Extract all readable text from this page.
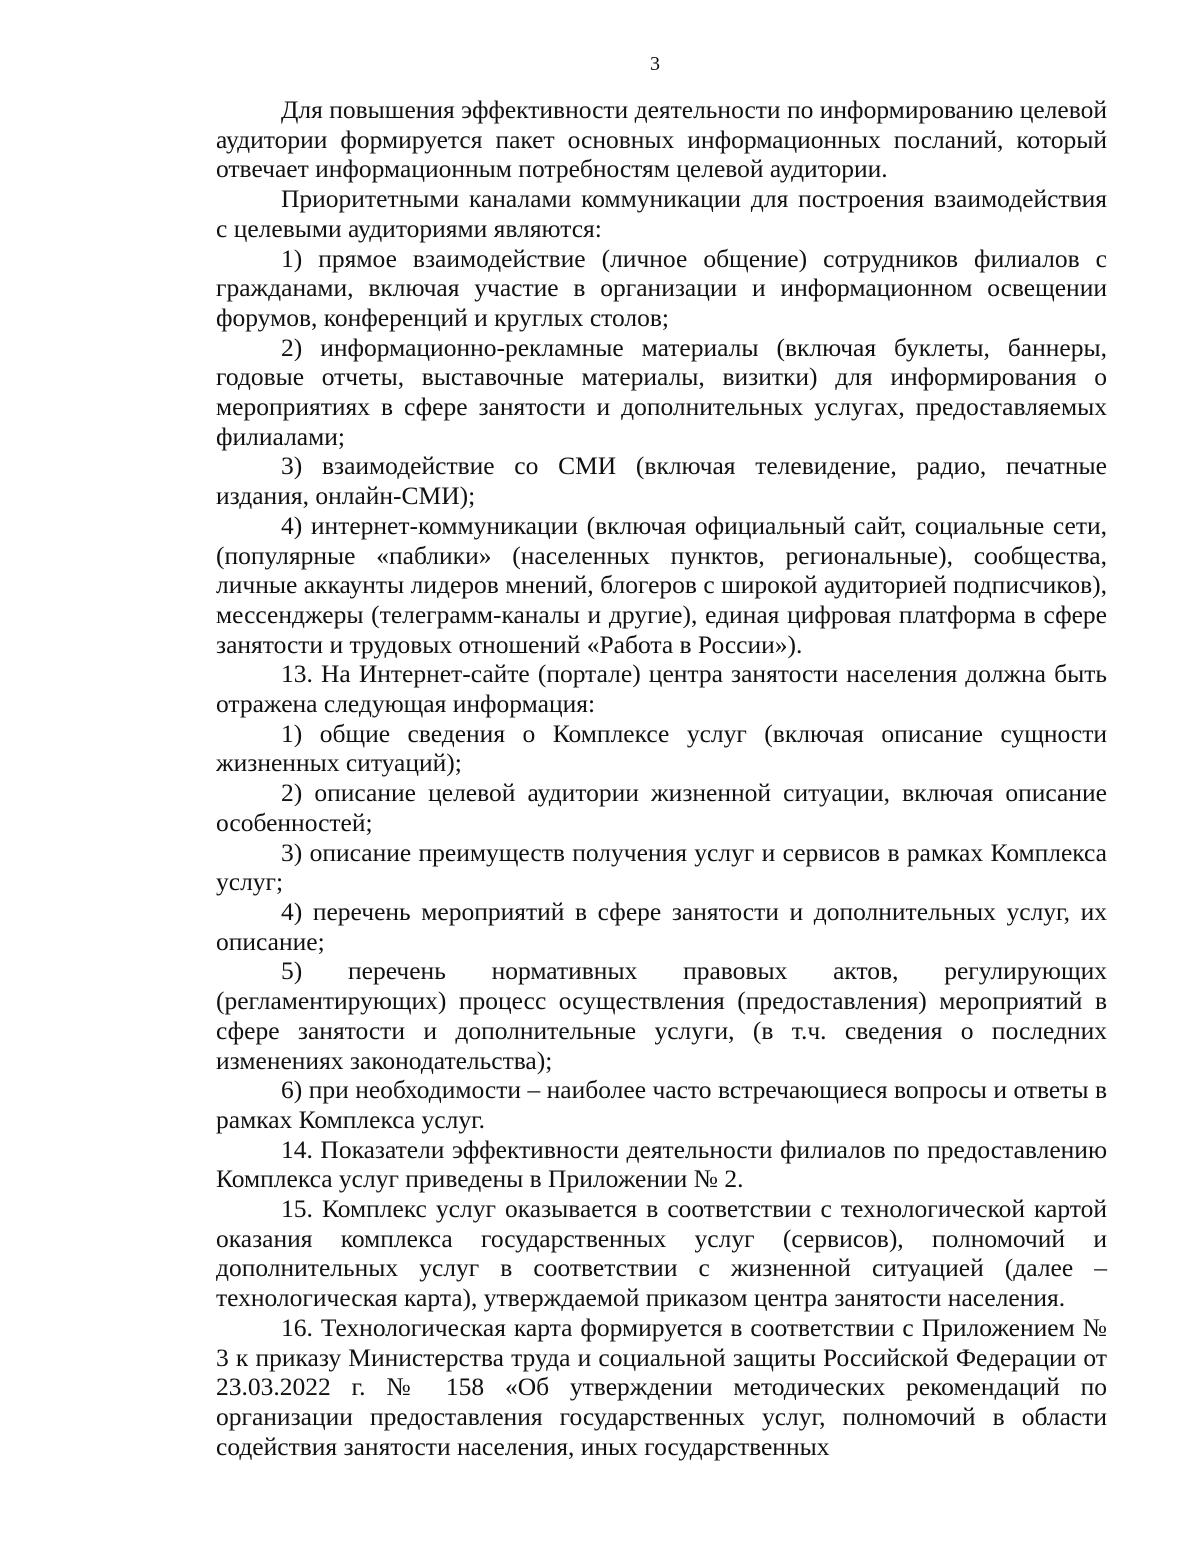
3

Для повышения эффективности деятельности по информированию целевой аудитории формируется пакет основных информационных посланий, который отвечает информационным потребностям целевой аудитории.

Приоритетными каналами коммуникации для построения взаимодействия с целевыми аудиториями являются:

1) прямое взаимодействие (личное общение) сотрудников филиалов с гражданами, включая участие в организации и информационном освещении форумов, конференций и круглых столов;

2) информационно-рекламные материалы (включая буклеты, баннеры, годовые отчеты, выставочные материалы, визитки) для информирования о мероприятиях в сфере занятости и дополнительных услугах, предоставляемых филиалами;

3) взаимодействие со СМИ (включая телевидение, радио, печатные издания, онлайн-СМИ);

4) интернет-коммуникации (включая официальный сайт, социальные сети, (популярные «паблики» (населенных пунктов, региональные), сообщества, личные аккаунты лидеров мнений, блогеров с широкой аудиторией подписчиков), мессенджеры (телеграмм-каналы и другие), единая цифровая платформа в сфере занятости и трудовых отношений «Работа в России»).

13. На Интернет-сайте (портале) центра занятости населения должна быть отражена следующая информация:

1) общие сведения о Комплексе услуг (включая описание сущности жизненных ситуаций);

2) описание целевой аудитории жизненной ситуации, включая описание особенностей;

3) описание преимуществ получения услуг и сервисов в рамках Комплекса услуг;

4) перечень мероприятий в сфере занятости и дополнительных услуг, их описание;

5) перечень нормативных правовых актов, регулирующих (регламентирующих) процесс осуществления (предоставления) мероприятий в сфере занятости и дополнительные услуги, (в т.ч. сведения о последних изменениях законодательства);

6) при необходимости – наиболее часто встречающиеся вопросы и ответы в рамках Комплекса услуг.

14. Показатели эффективности деятельности филиалов по предоставлению Комплекса услуг приведены в Приложении № 2.

15. Комплекс услуг оказывается в соответствии с технологической картой оказания комплекса государственных услуг (сервисов), полномочий и дополнительных услуг в соответствии с жизненной ситуацией (далее – технологическая карта), утверждаемой приказом центра занятости населения.

16. Технологическая карта формируется в соответствии с Приложением № 3 к приказу Министерства труда и социальной защиты Российской Федерации от 23.03.2022 г. № 158 «Об утверждении методических рекомендаций по организации предоставления государственных услуг, полномочий в области содействия занятости населения, иных государственных
